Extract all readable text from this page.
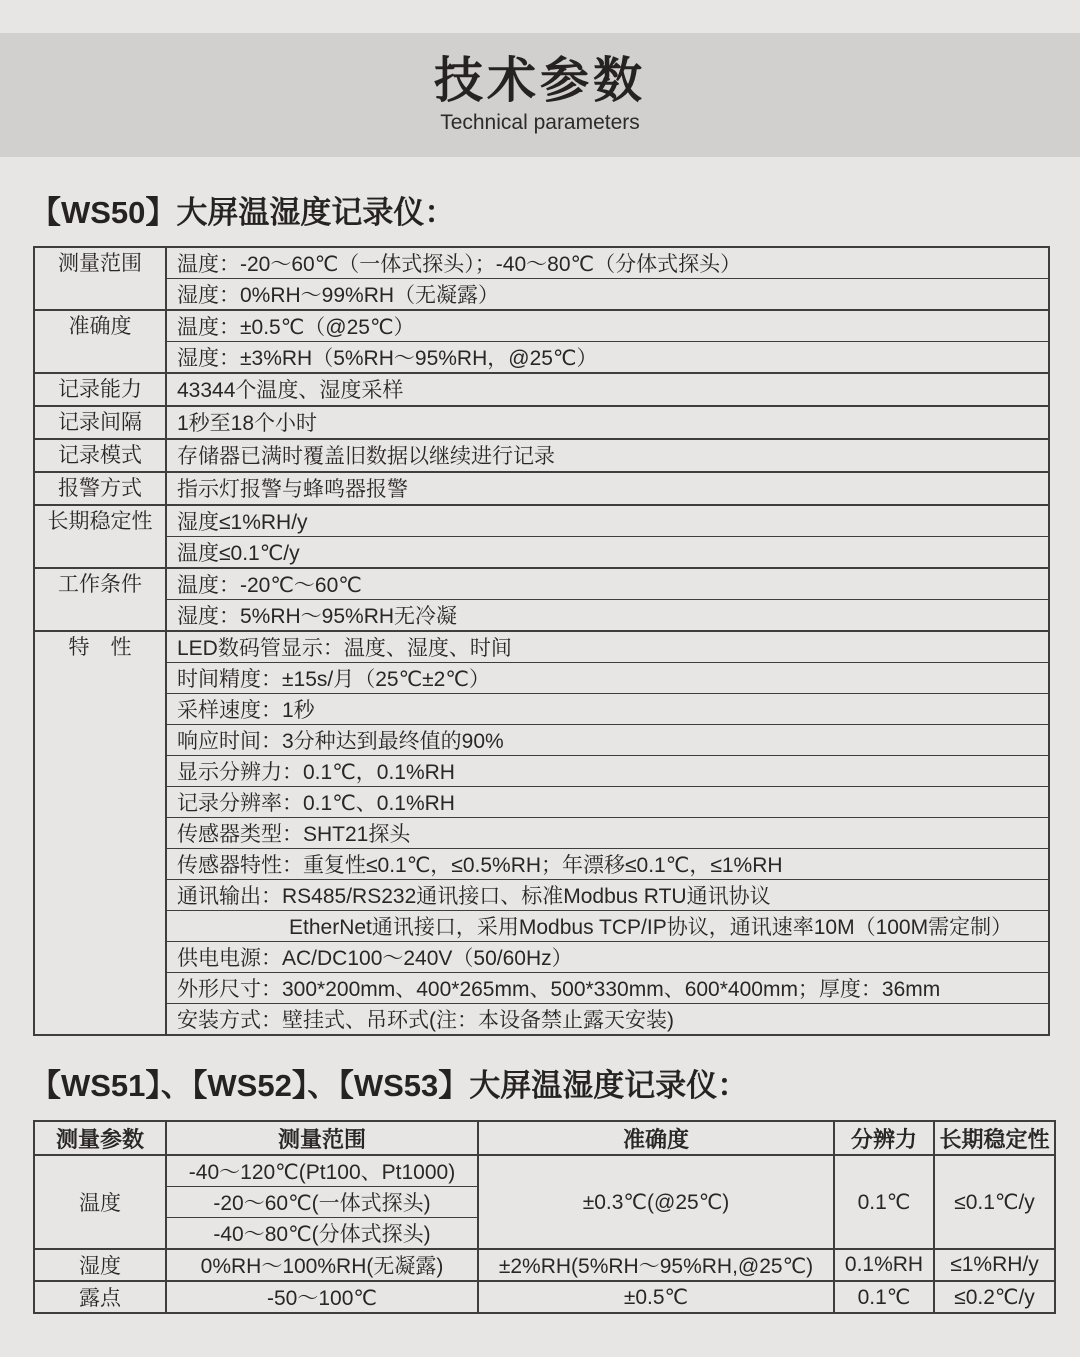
技术参数
Technical parameters
【WS50】大屏温湿度记录仪：
测量范围	温度：-20～60℃（一体式探头）；-40～80℃（分体式探头）
	湿度：0%RH～99%RH（无凝露）
准确度	温度：±0.5℃（@25℃）
	湿度：±3%RH（5%RH～95%RH，@25℃）
记录能力	43344个温度、湿度采样
记录间隔	1秒至18个小时
记录模式	存储器已满时覆盖旧数据以继续进行记录
报警方式	指示灯报警与蜂鸣器报警
长期稳定性	湿度≤1%RH/y
	温度≤0.1℃/y
工作条件	温度：-20℃～60℃
	湿度：5%RH～95%RH无冷凝
特　性	LED数码管显示：温度、湿度、时间
	时间精度：±15s/月（25℃±2℃）
	采样速度：1秒
	响应时间：3分种达到最终值的90%
	显示分辨力：0.1℃，0.1%RH
	记录分辨率：0.1℃、0.1%RH
	传感器类型：SHT21探头
	传感器特性：重复性≤0.1℃，≤0.5%RH；年漂移≤0.1℃，≤1%RH
	通讯输出：RS485/RS232通讯接口、标准Modbus RTU通讯协议
	EtherNet通讯接口，采用Modbus TCP/IP协议，通讯速率10M（100M需定制）
	供电电源：AC/DC100～240V（50/60Hz）
	外形尺寸：300*200mm、400*265mm、500*330mm、600*400mm；厚度：36mm
	安装方式：壁挂式、吊环式(注：本设备禁止露天安装)
【WS51】、【WS52】、【WS53】大屏温湿度记录仪：
测量参数	测量范围	准确度	分辨力	长期稳定性
温度	-40～120℃(Pt100、Pt1000)	±0.3℃(@25℃)	0.1℃	≤0.1℃/y
	-20～60℃(一体式探头)			
	-40～80℃(分体式探头)			
湿度	0%RH～100%RH(无凝露)	±2%RH(5%RH～95%RH,@25℃)	0.1%RH	≤1%RH/y
露点	-50～100℃	±0.5℃	0.1℃	≤0.2℃/y
